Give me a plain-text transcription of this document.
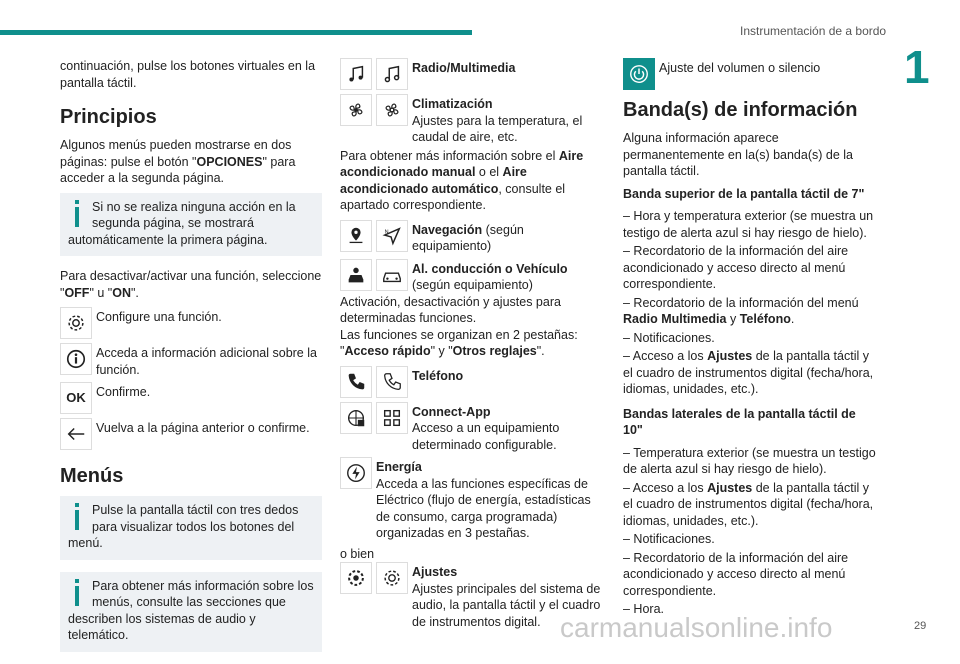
Instrumentación de a bordo
1

continuación, pulse los botones virtuales en la pantalla táctil.

Principios

Algunos menús pueden mostrarse en dos páginas: pulse el botón "OPCIONES" para acceder a la segunda página.

Si no se realiza ninguna acción en la segunda página, se mostrará automáticamente la primera página.

Para desactivar/activar una función, seleccione "OFF" u "ON".

Configure una función.
Acceda a información adicional sobre la función.
OK Confirme.
Vuelva a la página anterior o confirme.
Menús
Pulse la pantalla táctil con tres dedos para visualizar todos los botones del menú.
Para obtener más información sobre los menús, consulte las secciones que describen los sistemas de audio y telemático.
Radio/Multimedia
Climatización
Ajustes para la temperatura, el caudal de aire, etc.

Para obtener más información sobre el Aire acondicionado manual o el Aire acondicionado automático, consulte el apartado correspondiente.

N Navegación (según equipamiento)
Al. conducción o Vehículo
(según equipamiento)

Activación, desactivación y ajustes para determinadas funciones.

Las funciones se organizan en 2 pestañas: "Acceso rápido" y "Otros reglajes".

Teléfono
Connect-App
Acceso a un equipamiento determinado configurable.
Energía
Acceda a las funciones específicas de Eléctrico (flujo de energía, estadísticas de consumo, carga programada) organizadas en 3 pestañas.

o bien

Ajustes
Ajustes principales del sistema de audio, la pantalla táctil y el cuadro de instrumentos digital.
Ajuste del volumen o silencio
Banda(s) de información

Alguna información aparece permanentemente en la(s) banda(s) de la pantalla táctil.

Banda superior de la pantalla táctil de 7"

– Hora y temperatura exterior (se muestra un testigo de alerta azul si hay riesgo de hielo).

– Recordatorio de la información del aire acondicionado y acceso directo al menú correspondiente.

– Recordatorio de la información del menú Radio Multimedia y Teléfono.

– Notificaciones.

– Acceso a los Ajustes de la pantalla táctil y el cuadro de instrumentos digital (fecha/hora, idiomas, unidades, etc.).

Bandas laterales de la pantalla táctil de 10"

– Temperatura exterior (se muestra un testigo de alerta azul si hay riesgo de hielo).

– Acceso a los Ajustes de la pantalla táctil y el cuadro de instrumentos digital (fecha/hora, idiomas, unidades, etc.).

– Notificaciones.

– Recordatorio de la información del aire acondicionado y acceso directo al menú correspondiente.

– Hora.

carmanualsonline.info	29
